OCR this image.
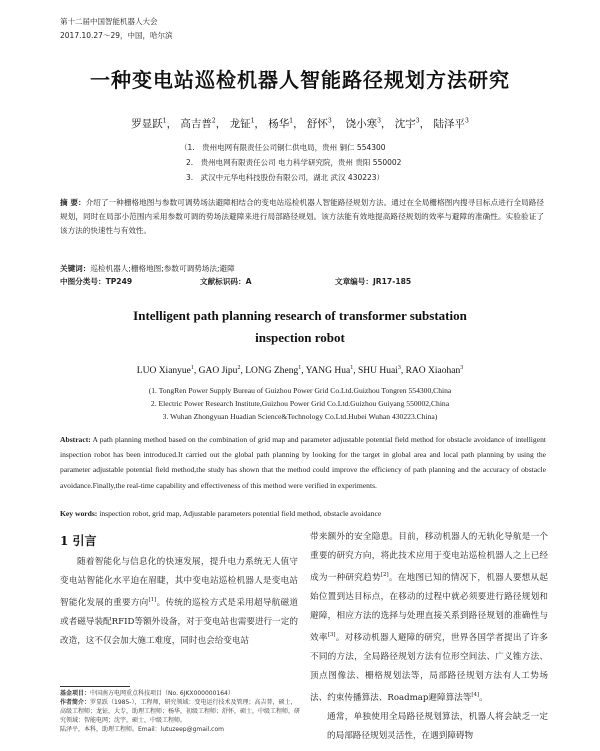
第十二届中国智能机器人大会
2017.10.27～29，中国，哈尔滨
一种变电站巡检机器人智能路径规划方法研究
罗显跃$^1$， 高吉普$^2$， 龙钲$^1$， 杨华$^1$， 舒怀$^3$， 饶小寒$^3$， 沈宇$^3$， 陆泽平$^3$
（1.　贵州电网有限责任公司铜仁供电局，贵州 铜仁 554300
2.　贵州电网有限责任公司 电力科学研究院，贵州 贵阳 550002
3.　武汉中元华电科技股份有限公司，湖北 武汉 430223）
摘 要：介绍了一种栅格地图与参数可调势场法避障相结合的变电站巡检机器人智能路径规划方法。通过在全局栅格图内搜寻目标点进行全局路径规划，同时在局部小范围内采用参数可调的势场法避障来进行局部路径规划。该方法能有效地提高路径规划的效率与避障的准确性。实验验证了该方法的快速性与有效性。
关键词：巡检机器人;栅格地图;参数可调势场法;避障
中图分类号：TP249	文献标识码：A	文章编号：JR17-185
Intelligent path planning research of transformer substation
inspection robot
LUO Xianyue$^1$, GAO Jipu$^2$, LONG Zheng$^1$, YANG Hua$^1$, SHU Huai$^3$, RAO Xiaohan$^3$
(1. TongRen Power Supply Bureau of Guizhou Power Grid Co.Ltd.Guizhou Tongren 554300,China
2. Electric Power Research Institute,Guizhou Power Grid Co.Ltd.Guizhou Guiyang 550002,China
3. Wuhan Zhongyuan Huadian Science&Technology Co.Ltd.Hubei Wuhan 430223.China)
Abstract: A path planning method based on the combination of grid map and parameter adjustable potential field method for obstacle avoidance of intelligent inspection robot has been introduced.It carried out the global path planning by looking for the target in global area and local path planning by using the parameter adjustable potential field method,the study has shown that the method could improve the efficiency of path planning and the accuracy of obstacle avoidance.Finally,the real-time capability and effectiveness of this method were verified in experiments.
Key words: inspection robot, grid map, Adjustable parameters potential field method, obstacle avoidance
1 引言
随着智能化与信息化的快速发展，提升电力系统无人值守变电站智能化水平迫在眉睫，其中变电站巡检机器人是变电站智能化发展的重要方向[1]。传统的巡检方式是采用超导航磁道或者磁导装配RFID等额外设备，对于变电站也需要进行一定的改造，这不仅会加大施工难度，同时也会给变电站
带来额外的安全隐患。目前，移动机器人的无轨化导航是一个重要的研究方向，将此技术应用于变电站巡检机器人之上已经成为一种研究趋势[2]。在地图已知的情况下，机器人要想从起始位置到达目标点，在移动的过程中就必须要进行路径规划和避障，相应方法的选择与处理直接关系到路径规划的准确性与效率[3]。对移动机器人避障的研究，世界各国学者提出了许多不同的方法，全局路径规划方法有位形空间法、广义锥方法、顶点图像法、栅格规划法等，局部路径规划方法有人工势场法、约束传播算法、Roadmap避障算法等[4]。
通常，单独使用全局路径规划算法，机器人将会缺乏一定的局部路径规划灵活性，在遇到障碍物
基金项目：中国南方电网重点科技项目（No. 6JKX000000164）
作者简介：罗显跃（1985-），工程师，研究领域：变电运行技术及管理；高吉普，硕士，高级工程师；龙钲，大专，助理工程师；杨华，初级工程师；舒怀，硕士，中级工程师，研究领域：智能电网；沈宇，硕士，中级工程师。
陆泽平，本科，助理工程师。Email：lutuzeep@gmail.com
